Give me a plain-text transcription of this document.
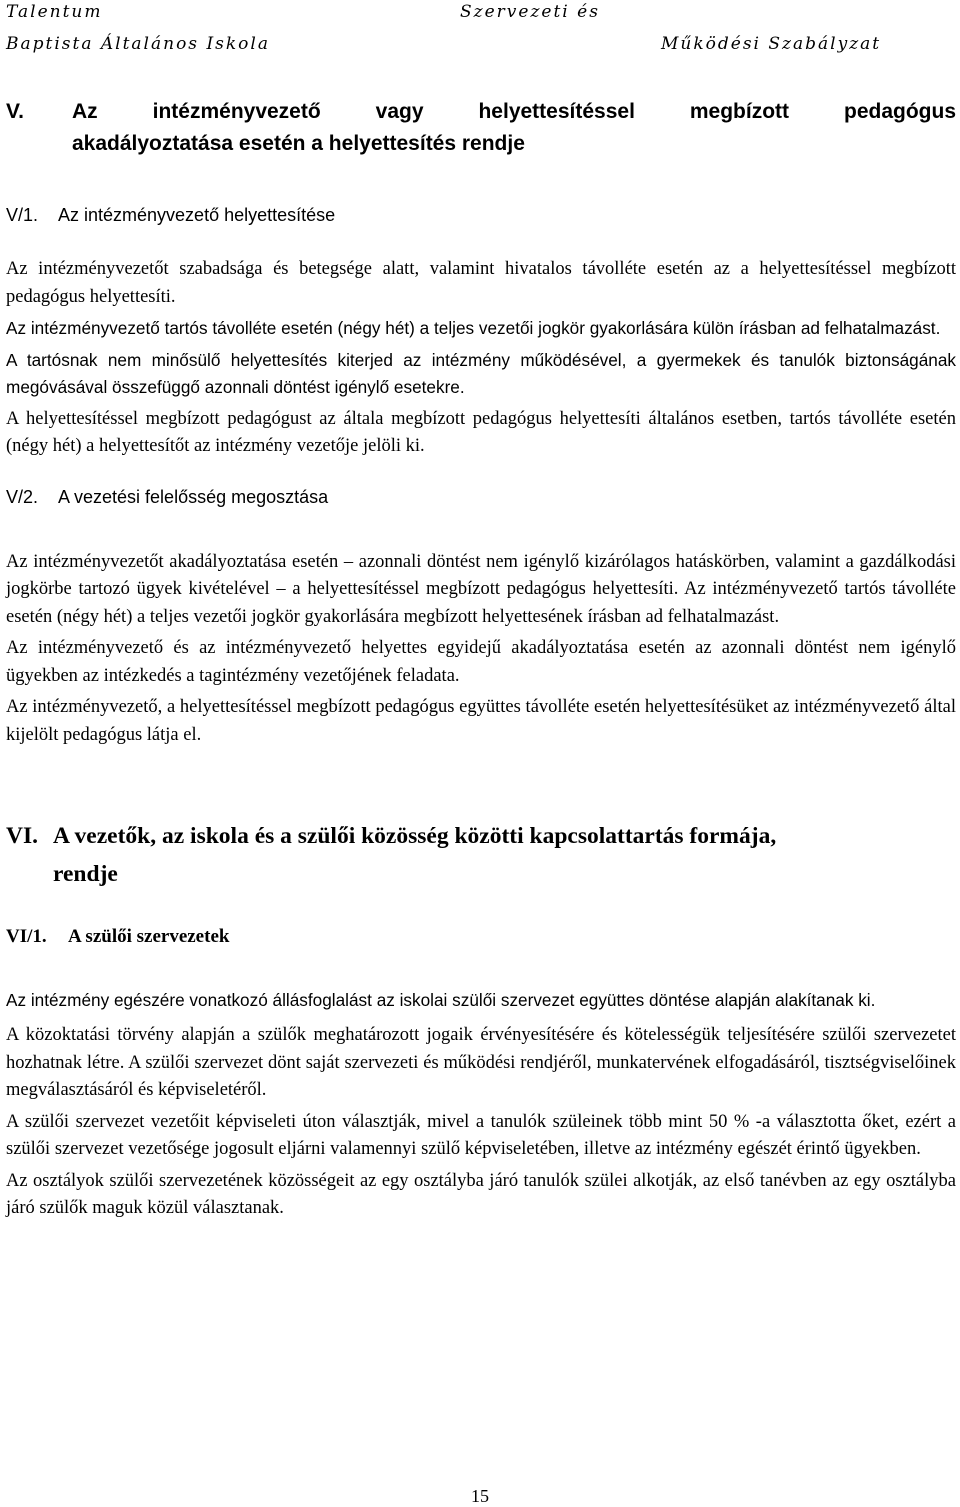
Talentum
Baptista Általános Iskola
Szervezeti és
Működési Szabályzat
V. Az intézményvezető vagy helyettesítéssel megbízott pedagógus
akadályoztatása esetén a helyettesítés rendje
V/1. Az intézményvezető helyettesítése

Az intézményvezetőt szabadsága és betegsége alatt, valamint hivatalos távolléte esetén az a helyettesítéssel megbízott pedagógus helyettesíti.

Az intézményvezető tartós távolléte esetén (négy hét) a teljes vezetői jogkör gyakorlására külön írásban ad felhatalmazást.

A tartósnak nem minősülő helyettesítés kiterjed az intézmény működésével, a gyermekek és tanulók biztonságának megóvásával összefüggő azonnali döntést igénylő esetekre.

A helyettesítéssel megbízott pedagógust az általa megbízott pedagógus helyettesíti általános esetben, tartós távolléte esetén (négy hét) a helyettesítőt az intézmény vezetője jelöli ki.

V/2. A vezetési felelősség megosztása

Az intézményvezetőt akadályoztatása esetén – azonnali döntést nem igénylő kizárólagos hatáskörben, valamint a gazdálkodási jogkörbe tartozó ügyek kivételével – a helyettesítéssel megbízott pedagógus helyettesíti. Az intézményvezető tartós távolléte esetén (négy hét) a teljes vezetői jogkör gyakorlására megbízott helyettesének írásban ad felhatalmazást.

Az intézményvezető és az intézményvezető helyettes egyidejű akadályoztatása esetén az azonnali döntést nem igénylő ügyekben az intézkedés a tagintézmény vezetőjének feladata.

Az intézményvezető, a helyettesítéssel megbízott pedagógus együttes távolléte esetén helyettesítésüket az intézményvezető által kijelölt pedagógus látja el.

VI. A vezetők, az iskola és a szülői közösség közötti kapcsolattartás formája,
rendje
VI/1. A szülői szervezetek

Az intézmény egészére vonatkozó állásfoglalást az iskolai szülői szervezet együttes döntése alapján alakítanak ki.

A közoktatási törvény alapján a szülők meghatározott jogaik érvényesítésére és kötelességük teljesítésére szülői szervezetet hozhatnak létre. A szülői szervezet dönt saját szervezeti és működési rendjéről, munkatervének elfogadásáról, tisztségviselőinek megválasztásáról és képviseletéről.

A szülői szervezet vezetőit képviseleti úton választják, mivel a tanulók szüleinek több mint 50 % -a választotta őket, ezért a szülői szervezet vezetősége jogosult eljárni valamennyi szülő képviseletében, illetve az intézmény egészét érintő ügyekben.

Az osztályok szülői szervezetének közösségeit az egy osztályba járó tanulók szülei alkotják, az első tanévben az egy osztályba járó szülők maguk közül választanak.

15
